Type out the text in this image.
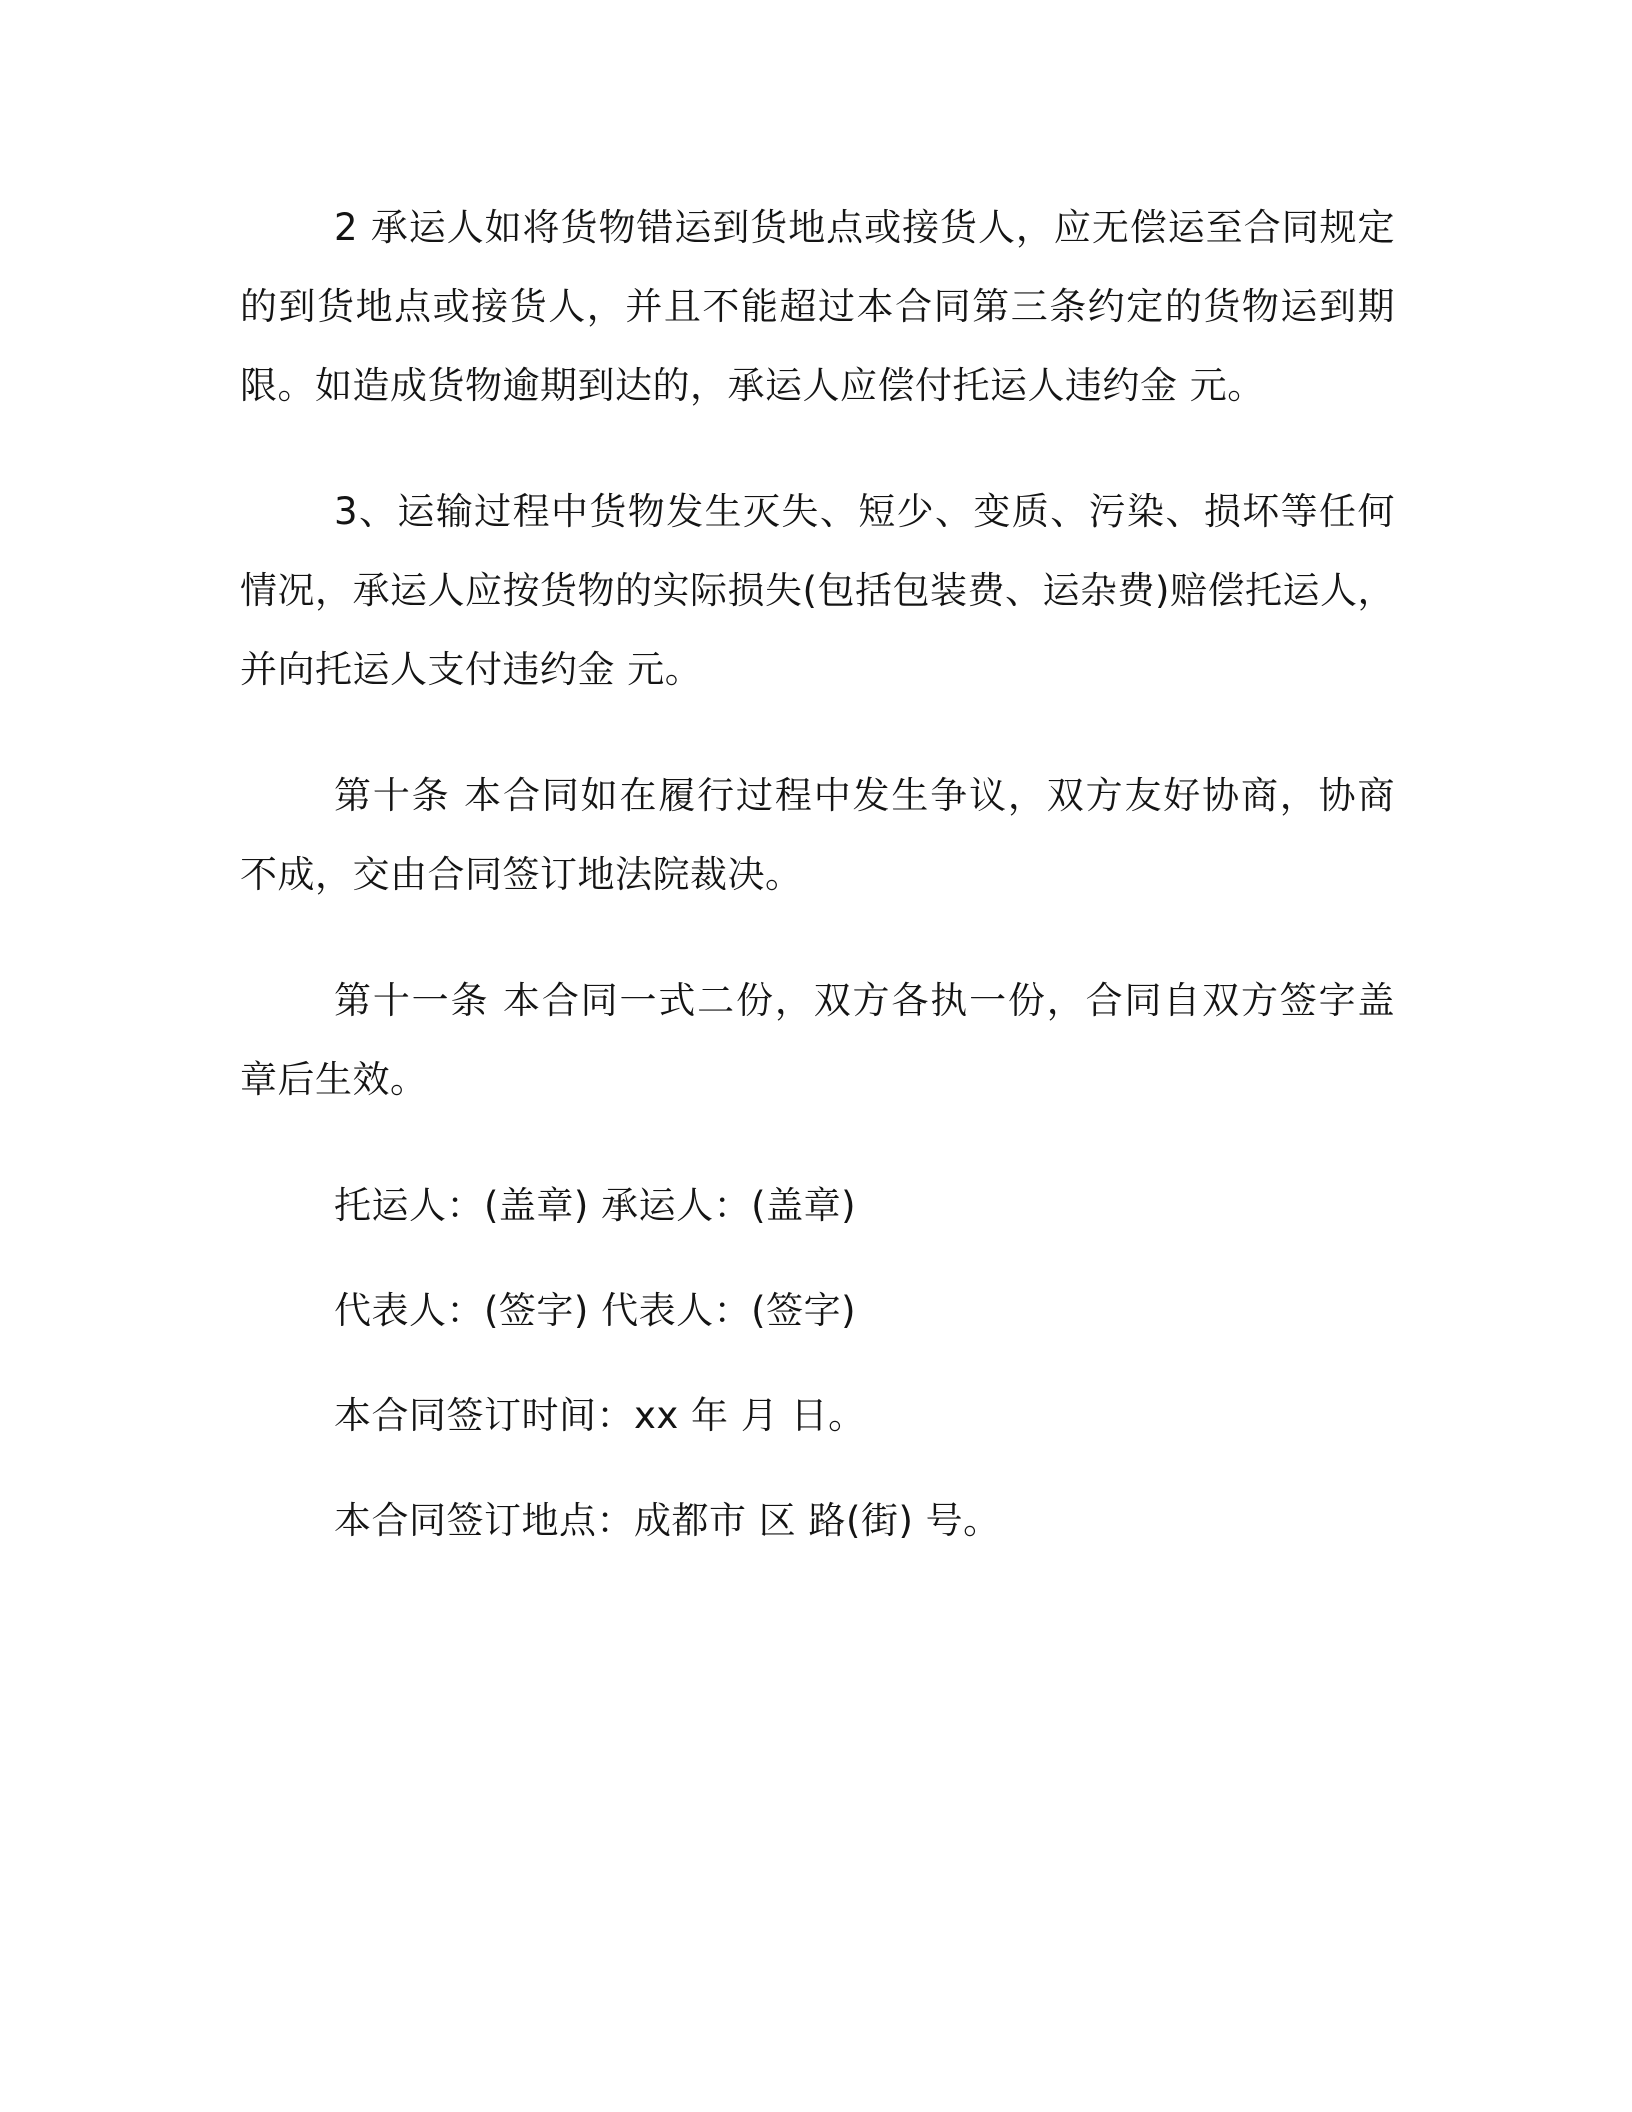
2 承运人如将货物错运到货地点或接货人，应无偿运至合同规定的到货地点或接货人，并且不能超过本合同第三条约定的货物运到期限。如造成货物逾期到达的，承运人应偿付托运人违约金 元。

3、运输过程中货物发生灭失、短少、变质、污染、损坏等任何情况，承运人应按货物的实际损失(包括包装费、运杂费)赔偿托运人，并向托运人支付违约金 元。

第十条 本合同如在履行过程中发生争议，双方友好协商，协商不成，交由合同签订地法院裁决。

第十一条 本合同一式二份，双方各执一份，合同自双方签字盖章后生效。

托运人：(盖章) 承运人：(盖章)

代表人：(签字) 代表人：(签字)

本合同签订时间：xx 年 月 日。

本合同签订地点：成都市 区 路(街) 号。
